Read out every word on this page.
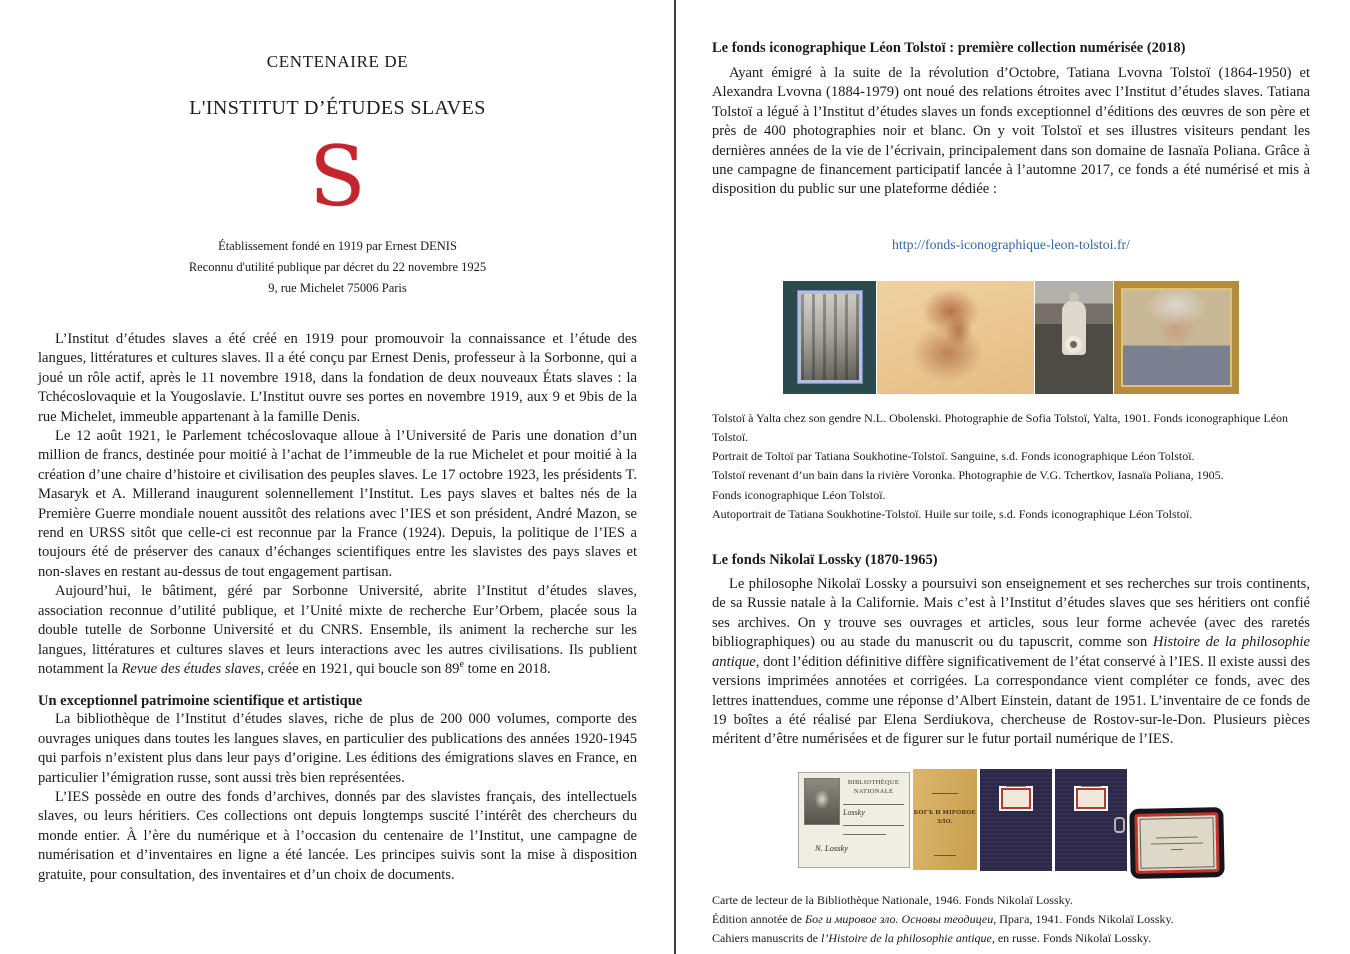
CENTENAIRE DE
L'INSTITUT D’ÉTUDES SLAVES
S
Établissement fondé en 1919 par Ernest DENIS
Reconnu d'utilité publique par décret du 22 novembre 1925
9, rue Michelet 75006 Paris

L’Institut d’études slaves a été créé en 1919 pour promouvoir la connaissance et l’étude des langues, littératures et cultures slaves. Il a été conçu par Ernest Denis, professeur à la Sorbonne, qui a joué un rôle actif, après le 11 novembre 1918, dans la fondation de deux nouveaux États slaves : la Tchécoslovaquie et la Yougoslavie. L’Institut ouvre ses portes en novembre 1919, aux 9 et 9bis de la rue Michelet, immeuble appartenant à la famille Denis.

Le 12 août 1921, le Parlement tchécoslovaque alloue à l’Université de Paris une donation d’un million de francs, destinée pour moitié à l’achat de l’immeuble de la rue Michelet et pour moitié à la création d’une chaire d’histoire et civilisation des peuples slaves. Le 17 octobre 1923, les présidents T. Masaryk et A. Millerand inaugurent solennellement l’Institut. Les pays slaves et baltes nés de la Première Guerre mondiale nouent aussitôt des relations avec l’IES et son président, André Mazon, se rend en URSS sitôt que celle-ci est reconnue par la France (1924). Depuis, la politique de l’IES a toujours été de préserver des canaux d’échanges scientifiques entre les slavistes des pays slaves et non-slaves en restant au-dessus de tout engagement partisan.

Aujourd’hui, le bâtiment, géré par Sorbonne Université, abrite l’Institut d’études slaves, association reconnue d’utilité publique, et l’Unité mixte de recherche Eur’Orbem, placée sous la double tutelle de Sorbonne Université et du CNRS. Ensemble, ils animent la recherche sur les langues, littératures et cultures slaves et leurs interactions avec les autres civilisations. Ils publient notamment la Revue des études slaves, créée en 1921, qui boucle son 89e tome en 2018.

Un exceptionnel patrimoine scientifique et artistique

La bibliothèque de l’Institut d’études slaves, riche de plus de 200 000 volumes, comporte des ouvrages uniques dans toutes les langues slaves, en particulier des publications des années 1920-1945 qui parfois n’existent plus dans leur pays d’origine. Les éditions des émigrations slaves en France, en particulier l’émigration russe, sont aussi très bien représentées.

L’IES possède en outre des fonds d’archives, donnés par des slavistes français, des intellectuels slaves, ou leurs héritiers. Ces collections ont depuis longtemps suscité l’intérêt des chercheurs du monde entier. À l’ère du numérique et à l’occasion du centenaire de l’Institut, une campagne de numérisation et d’inventaires en ligne a été lancée. Les principes suivis sont la mise à disposition gratuite, pour consultation, des inventaires et d’un choix de documents.

Le fonds iconographique Léon Tolstoï : première collection numérisée (2018)

Ayant émigré à la suite de la révolution d’Octobre, Tatiana Lvovna Tolstoï (1864-1950) et Alexandra Lvovna (1884-1979) ont noué des relations étroites avec l’Institut d’études slaves. Tatiana Tolstoï a légué à l’Institut d’études slaves un fonds exceptionnel d’éditions des œuvres de son père et près de 400 photographies noir et blanc. On y voit Tolstoï et ses illustres visiteurs pendant les dernières années de la vie de l’écrivain, principalement dans son domaine de Iasnaïa Poliana. Grâce à une campagne de financement participatif lancée à l’automne 2017, ce fonds a été numérisé et mis à disposition du public sur une plateforme dédiée :

http://fonds-iconographique-leon-tolstoi.fr/
Tolstoï à Yalta chez son gendre N.L. Obolenski. Photographie de Sofia Tolstoï, Yalta, 1901. Fonds iconographique Léon Tolstoï.
Portrait de Toltoï par Tatiana Soukhotine-Tolstoï. Sanguine, s.d. Fonds iconographique Léon Tolstoï.
Tolstoï revenant d’un bain dans la rivière Voronka. Photographie de V.G. Tchertkov, Iasnaïa Poliana, 1905.
Fonds iconographique Léon Tolstoï.
Autoportrait de Tatiana Soukhotine-Tolstoï. Huile sur toile, s.d. Fonds iconographique Léon Tolstoï.
Le fonds Nikolaï Lossky (1870-1965)

Le philosophe Nikolaï Lossky a poursuivi son enseignement et ses recherches sur trois continents, de sa Russie natale à la Californie. Mais c’est à l’Institut d’études slaves que ses héritiers ont confié ses archives. On y trouve ses ouvrages et articles, sous leur forme achevée (avec des raretés bibliographiques) ou au stade du manuscrit ou du tapuscrit, comme son Histoire de la philosophie antique, dont l’édition définitive diffère significativement de l’état conservé à l’IES. Il existe aussi des versions imprimées annotées et corrigées. La correspondance vient compléter ce fonds, avec des lettres inattendues, comme une réponse d’Albert Einstein, datant de 1951. L’inventaire de ce fonds de 19 boîtes a été réalisé par Elena Serdiukova, chercheuse de Rostov-sur-le-Don. Plusieurs pièces méritent d’être numérisées et de figurer sur le futur portail numérique de l’IES.

BIBLIOTHÈQUE NATIONALE
Lossky
N. Lossky
БОГЪ И МІРОВОЕ ЗЛО.
Carte de lecteur de la Bibliothèque Nationale, 1946. Fonds Nikolaï Lossky.
Édition annotée de Бог и мировое зло. Основы теодицеи, Прага, 1941. Fonds Nikolaï Lossky.
Cahiers manuscrits de l’Histoire de la philosophie antique, en russe. Fonds Nikolaï Lossky.
